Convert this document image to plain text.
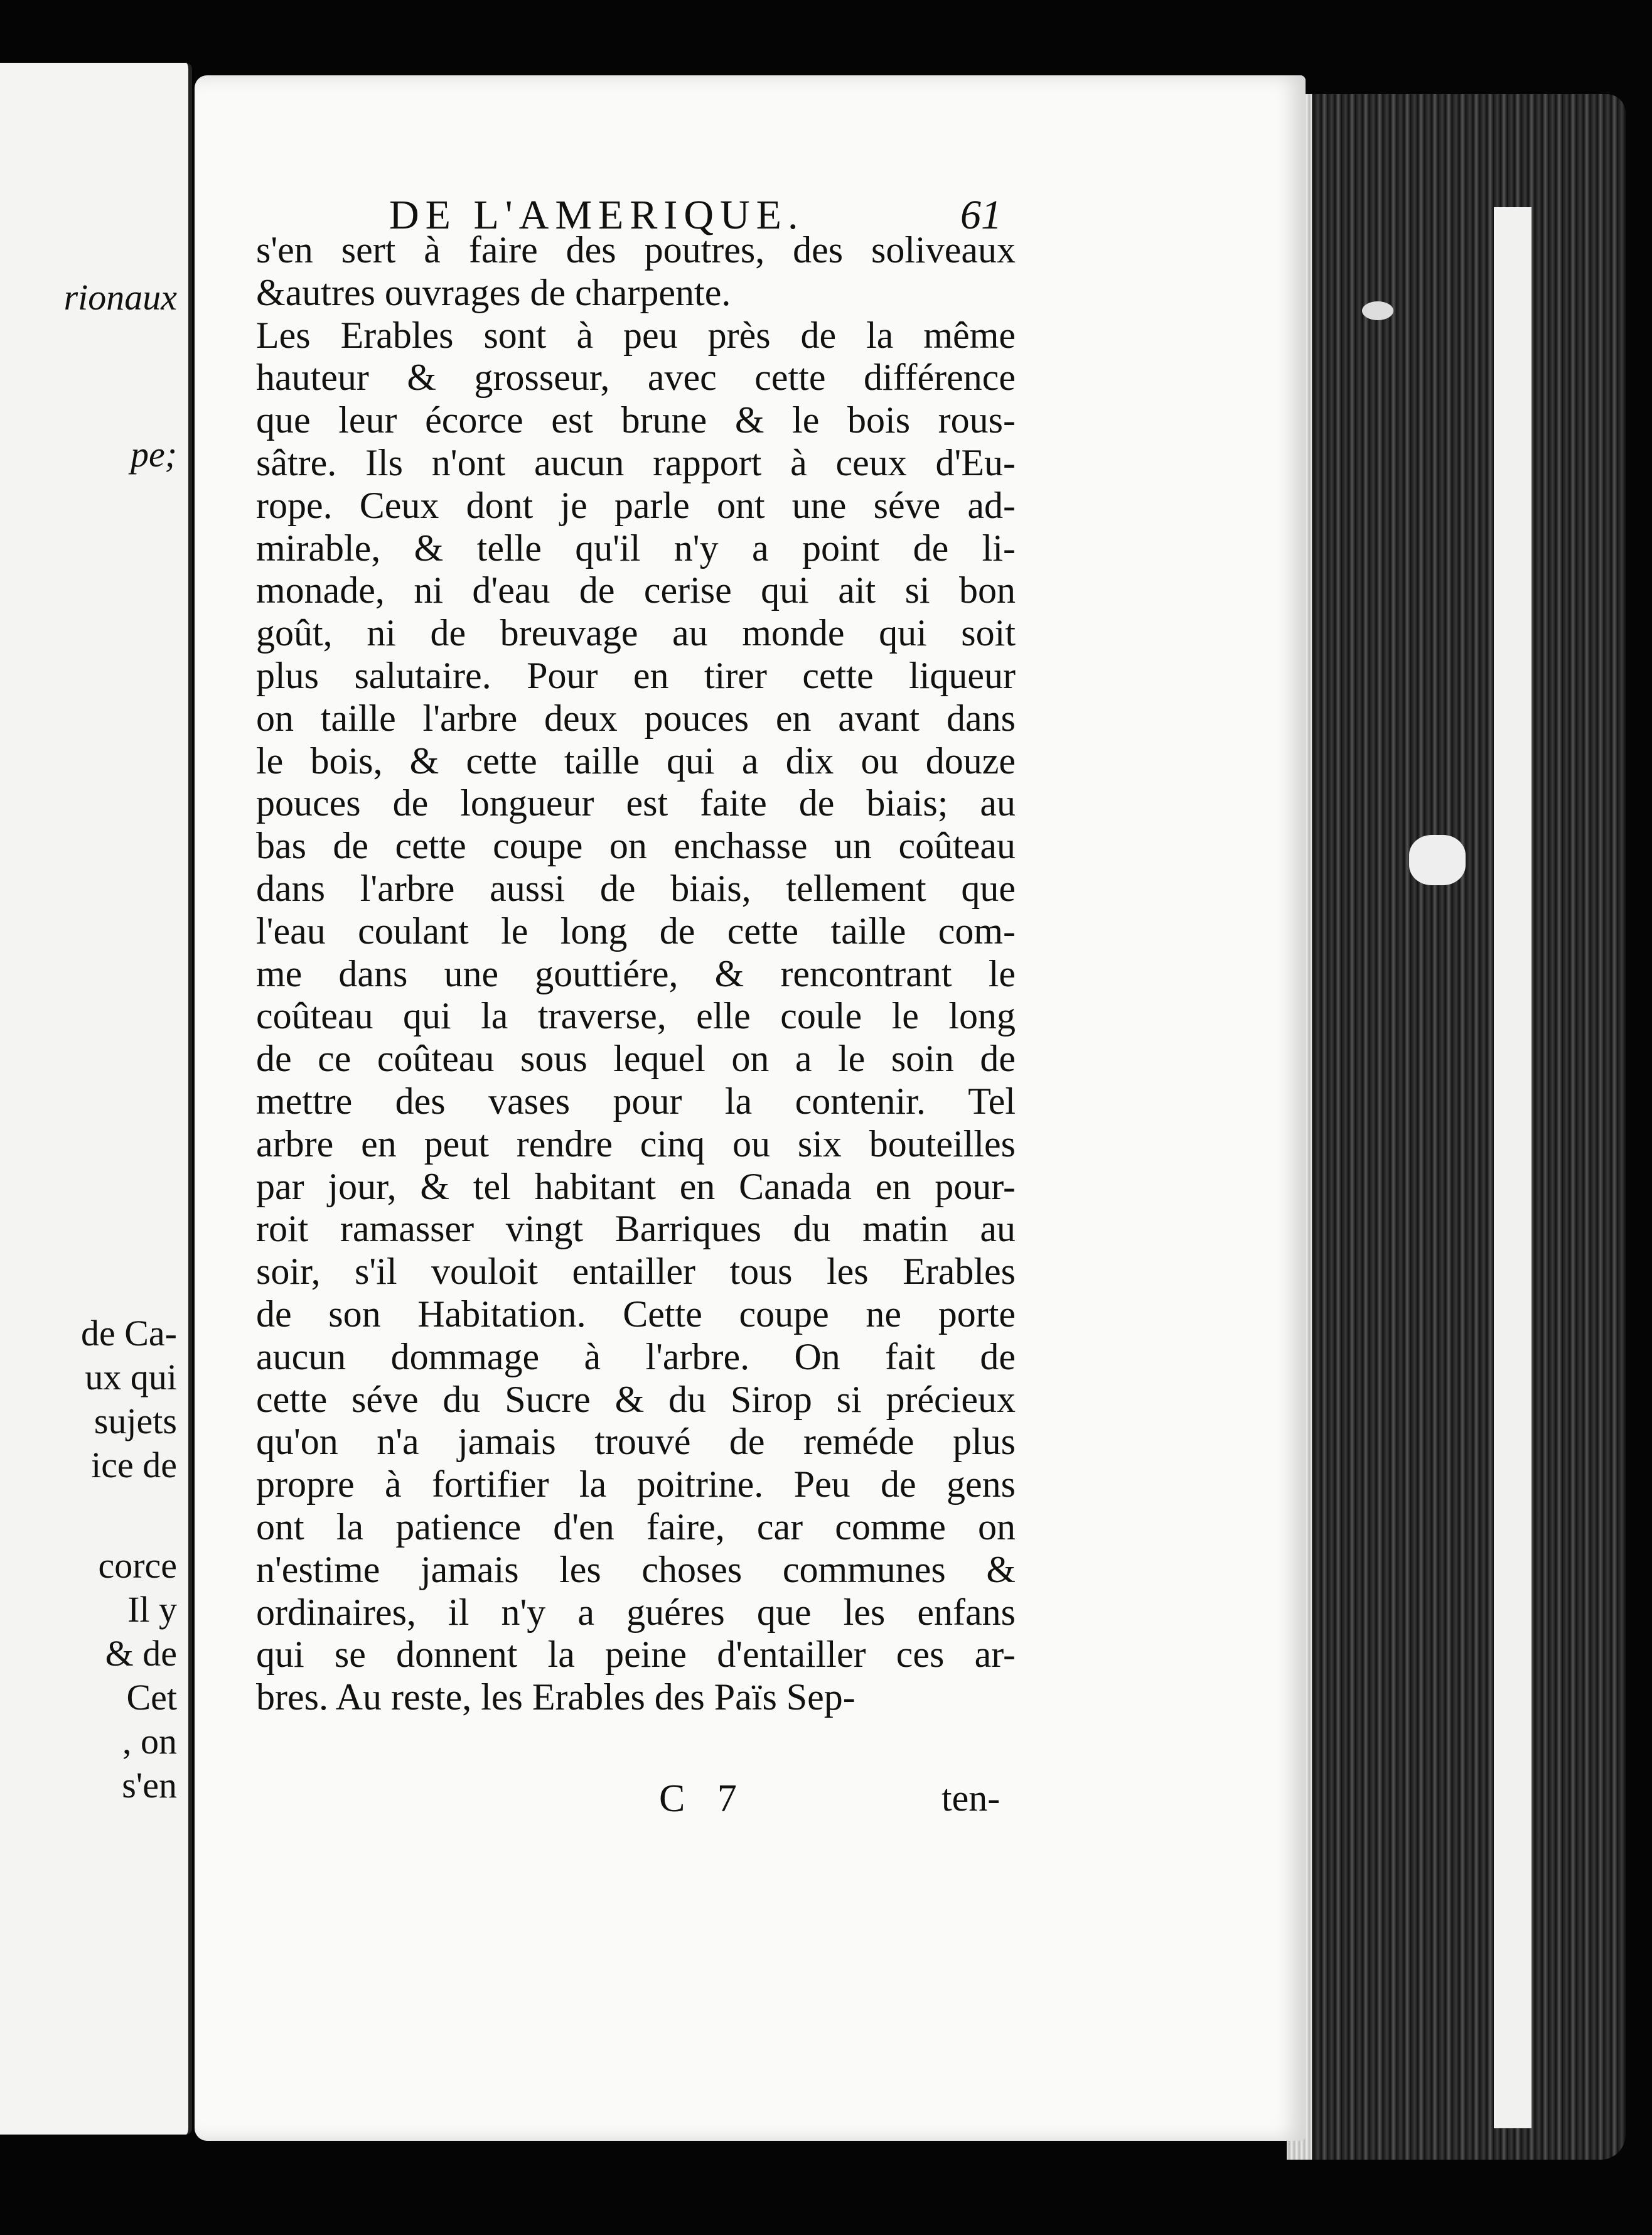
rionaux
pe;
de Ca-
ux qui
sujets
ice de
corce
Il y
& de
Cet
, on
s'en
DE L'AMERIQUE.	61
s'en sert à faire des poutres, des soliveaux
&autres ouvrages de charpente.
Les Erables sont à peu près de la même
hauteur & grosseur, avec cette différence
que leur écorce est brune & le bois rous-
sâtre. Ils n'ont aucun rapport à ceux d'Eu-
rope. Ceux dont je parle ont une séve ad-
mirable, & telle qu'il n'y a point de li-
monade, ni d'eau de cerise qui ait si bon
goût, ni de breuvage au monde qui soit
plus salutaire. Pour en tirer cette liqueur
on taille l'arbre deux pouces en avant dans
le bois, & cette taille qui a dix ou douze
pouces de longueur est faite de biais; au
bas de cette coupe on enchasse un coûteau
dans l'arbre aussi de biais, tellement que
l'eau coulant le long de cette taille com-
me dans une gouttiére, & rencontrant le
coûteau qui la traverse, elle coule le long
de ce coûteau sous lequel on a le soin de
mettre des vases pour la contenir. Tel
arbre en peut rendre cinq ou six bouteilles
par jour, & tel habitant en Canada en pour-
roit ramasser vingt Barriques du matin au
soir, s'il vouloit entailler tous les Erables
de son Habitation. Cette coupe ne porte
aucun dommage à l'arbre. On fait de
cette séve du Sucre & du Sirop si précieux
qu'on n'a jamais trouvé de reméde plus
propre à fortifier la poitrine. Peu de gens
ont la patience d'en faire, car comme on
n'estime jamais les choses communes &
ordinaires, il n'y a guéres que les enfans
qui se donnent la peine d'entailler ces ar-
bres. Au reste, les Erables des Païs Sep-
C 7	ten-
